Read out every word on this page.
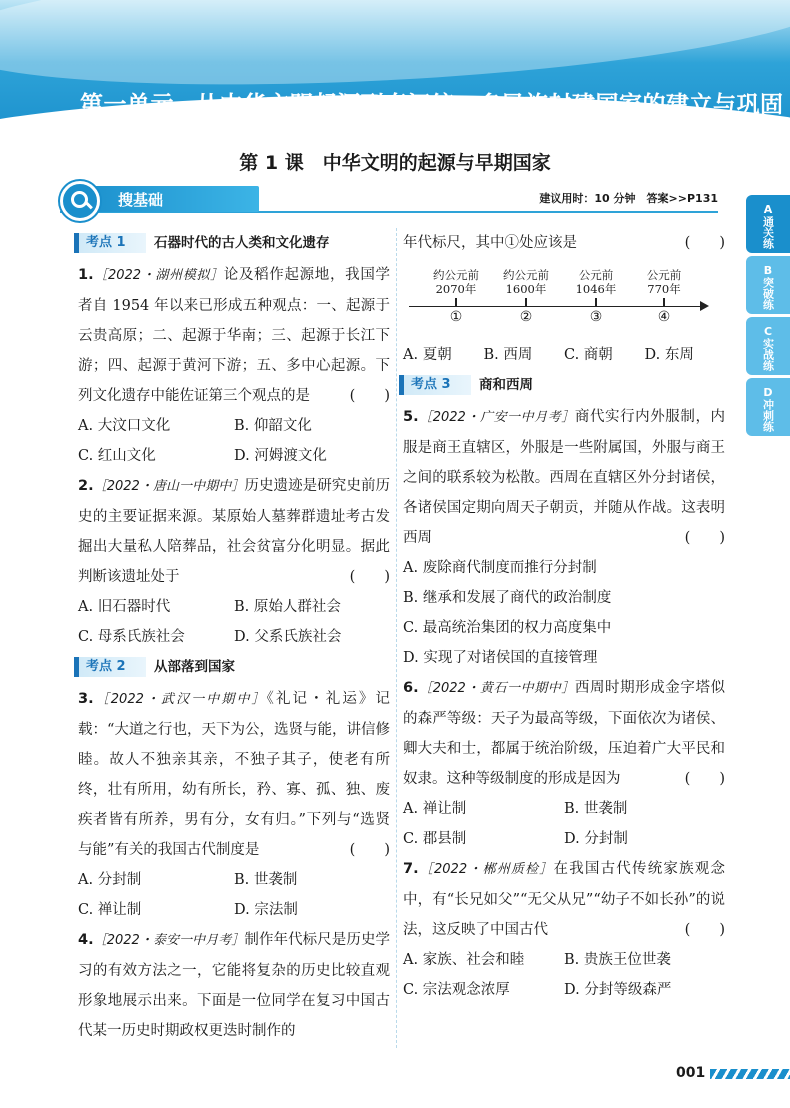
第一单元 从中华文明起源到秦汉统一多民族封建国家的建立与巩固
第 1 课　中华文明的起源与早期国家
搜基础	建议用时：10 分钟　答案>>P131
A
通关练
B
突破练
C
实战练
D
冲刺练
考点 1	石器时代的古人类和文化遗存
1.［2022・湖州模拟］论及稻作起源地，我国学者自 1954 年以来已形成五种观点：一、起源于云贵高原；二、起源于华南；三、起源于长江下游；四、起源于黄河下游；五、多中心起源。下列文化遗存中能佐证第三个观点的是	(　　)
A. 大汶口文化	B. 仰韶文化
C. 红山文化	D. 河姆渡文化
2.［2022・唐山一中期中］历史遗迹是研究史前历史的主要证据来源。某原始人墓葬群遗址考古发掘出大量私人陪葬品，社会贫富分化明显。据此判断该遗址处于	(　　)
A. 旧石器时代	B. 原始人群社会
C. 母系氏族社会	D. 父系氏族社会
考点 2	从部落到国家
3.［2022・武汉一中期中］《礼记・礼运》记载：“大道之行也，天下为公，选贤与能，讲信修睦。故人不独亲其亲，不独子其子，使老有所终，壮有所用，幼有所长，矜、寡、孤、独、废疾者皆有所养，男有分，女有归。”下列与“选贤与能”有关的我国古代制度是	(　　)
A. 分封制	B. 世袭制
C. 禅让制	D. 宗法制
4.［2022・泰安一中月考］制作年代标尺是历史学习的有效方法之一，它能将复杂的历史比较直观形象地展示出来。下面是一位同学在复习中国古代某一历史时期政权更迭时制作的
年代标尺，其中①处应该是	(　　)
约公元前
2070年
①
约公元前
1600年
②
公元前
1046年
③
公元前
770年
④
A. 夏朝	B. 西周	C. 商朝	D. 东周
考点 3	商和西周
5.［2022・广安一中月考］商代实行内外服制，内服是商王直辖区，外服是一些附属国，外服与商王之间的联系较为松散。西周在直辖区外分封诸侯，各诸侯国定期向周天子朝贡，并随从作战。这表明西周	(　　)
A. 废除商代制度而推行分封制
B. 继承和发展了商代的政治制度
C. 最高统治集团的权力高度集中
D. 实现了对诸侯国的直接管理
6.［2022・黄石一中期中］西周时期形成金字塔似的森严等级：天子为最高等级，下面依次为诸侯、卿大夫和士，都属于统治阶级，压迫着广大平民和奴隶。这种等级制度的形成是因为	(　　)
A. 禅让制	B. 世袭制
C. 郡县制	D. 分封制
7.［2022・郴州质检］在我国古代传统家族观念中，有“长兄如父”“无父从兄”“幼子不如长孙”的说法，这反映了中国古代	(　　)
A. 家族、社会和睦	B. 贵族王位世袭
C. 宗法观念浓厚	D. 分封等级森严
001
